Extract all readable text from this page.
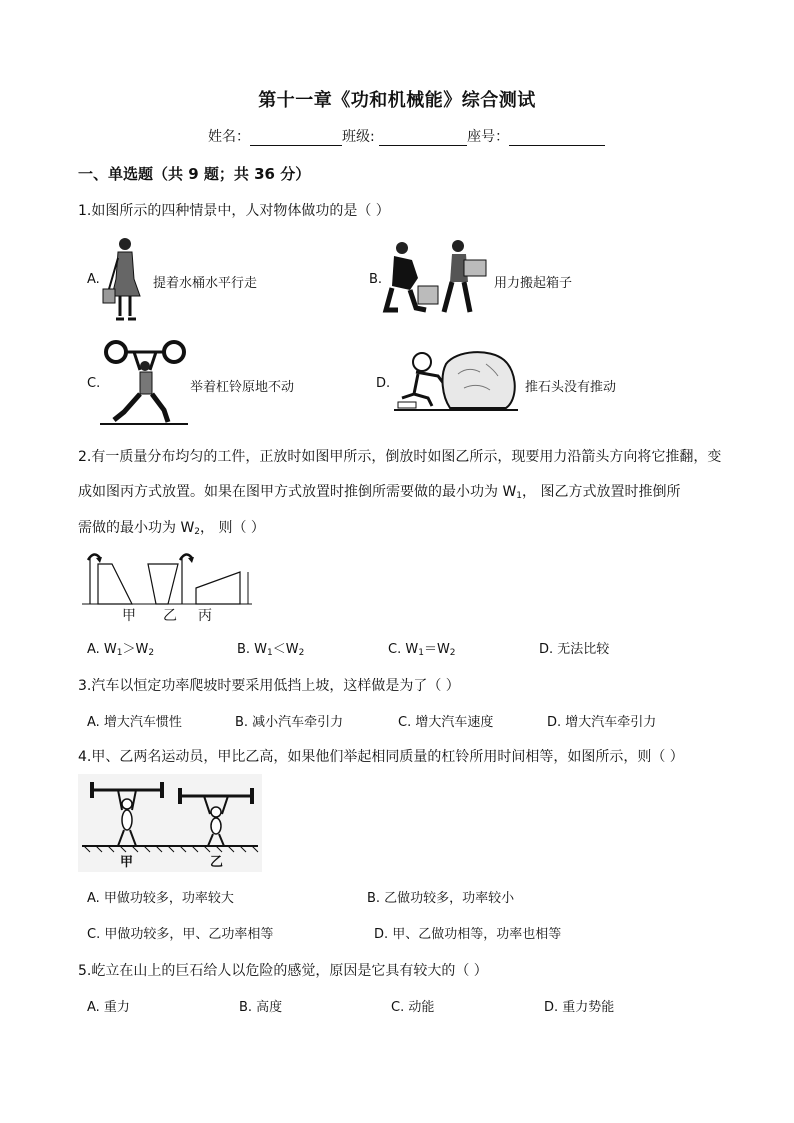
第十一章《功和机械能》综合测试
姓名：	班级:	座号：
一、单选题（共 9 题；共 36 分）
1.如图所示的四种情景中，人对物体做功的是（ ）
A.	提着水桶水平行走	B.	用力搬起箱子
C.	举着杠铃原地不动	D.	推石头没有推动
2.有一质量分布均匀的工件，正放时如图甲所示，倒放时如图乙所示，现要用力沿箭头方向将它推翻，变
成如图丙方式放置。如果在图甲方式放置时推倒所需要做的最小功为 $W_1$， 图乙方式放置时推倒所
需做的最小功为 $W_2$， 则（ ）
甲 乙 丙
A. $W_1>W_2$	B. $W_1<W_2$	C. $W_1=W_2$	D. 无法比较
3.汽车以恒定功率爬坡时要采用低挡上坡，这样做是为了（ ）
A. 增大汽车惯性	B. 减小汽车牵引力	C. 增大汽车速度	D. 增大汽车牵引力
4.甲、乙两名运动员，甲比乙高，如果他们举起相同质量的杠铃所用时间相等，如图所示，则（ ）
甲	乙
A. 甲做功较多，功率较大	B. 乙做功较多，功率较小
C. 甲做功较多，甲、乙功率相等	D. 甲、乙做功相等，功率也相等
5.屹立在山上的巨石给人以危险的感觉，原因是它具有较大的（ ）
A. 重力	B. 高度	C. 动能	D. 重力势能
